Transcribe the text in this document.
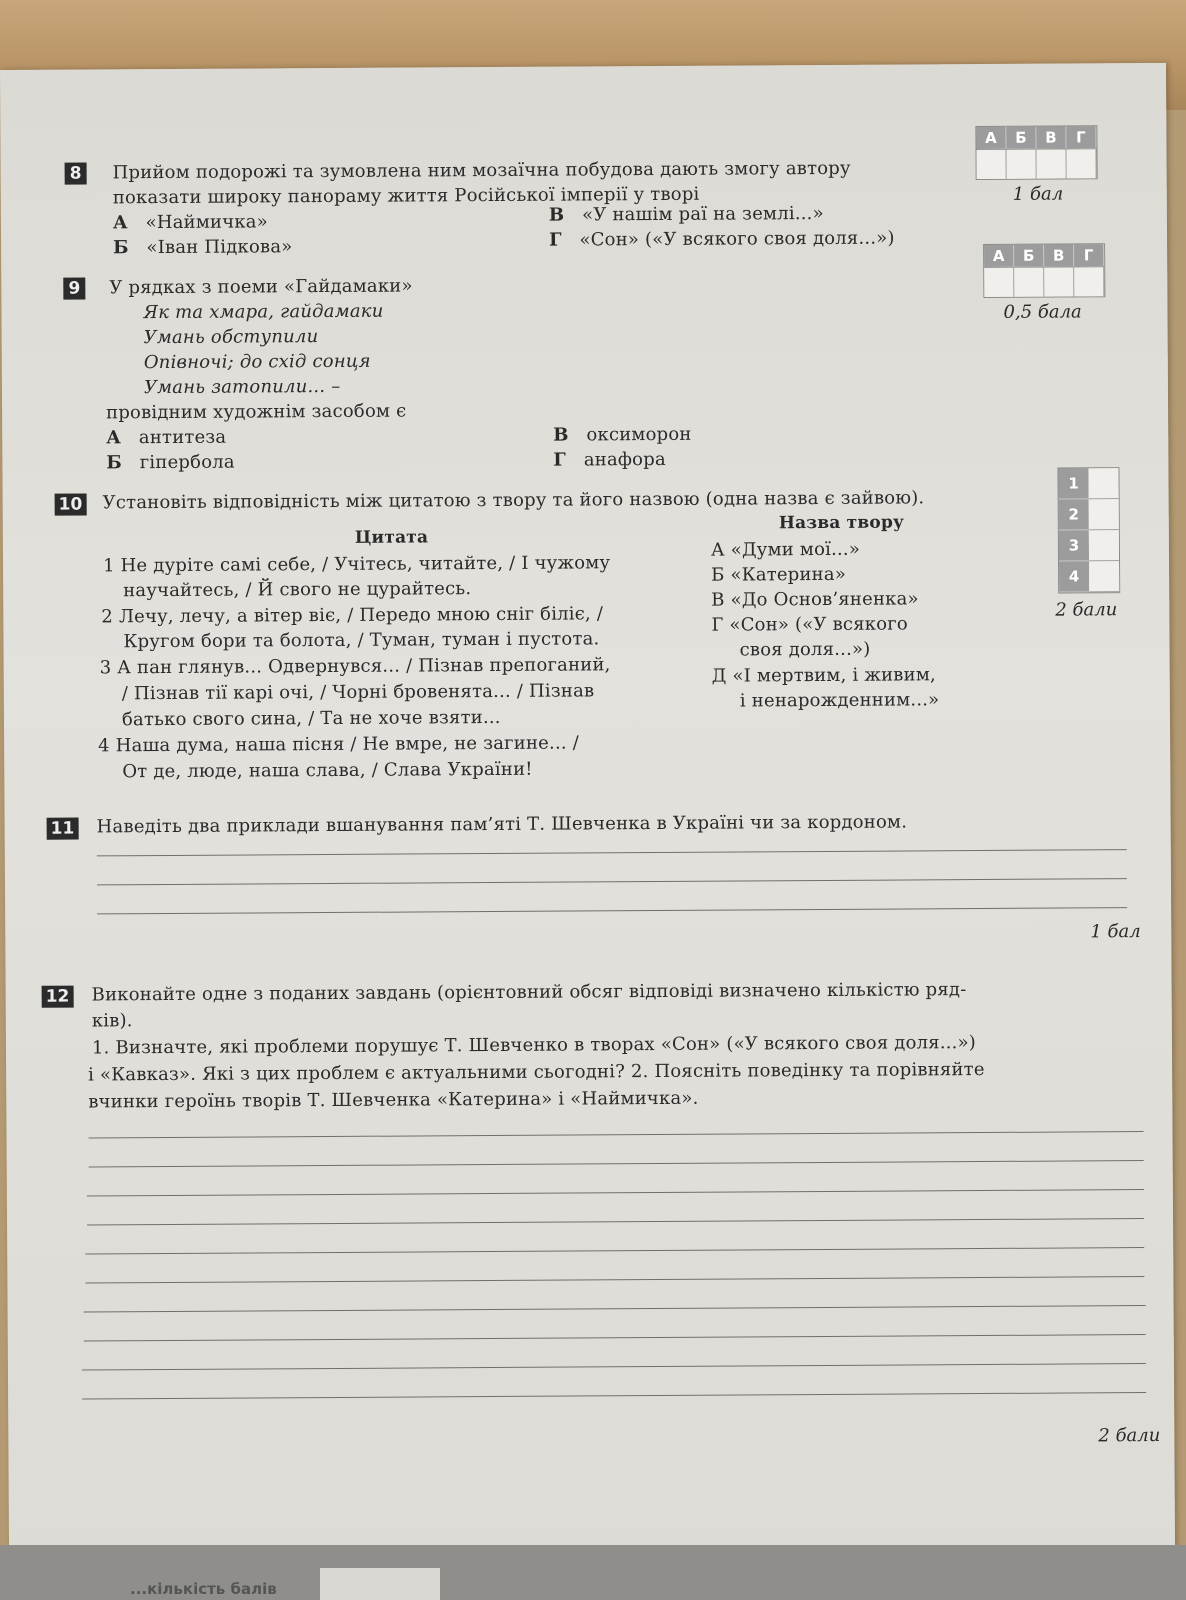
8 Прийом подорожі та зумовлена ним мозаїчна побудова дають змогу автору
показати широку панораму життя Російської імперії у творі
А «Наймичка»
Б «Іван Підкова»
В «У нашім раї на землі...»
Г «Сон» («У всякого своя доля...»)
А	Б	В	Г
1 бал
9 У рядках з поеми «Гайдамаки»
Як та хмара, гайдамаки
Умань обступили
Опівночі; до схід сонця
Умань затопили... –
провідним художнім засобом є
А антитеза
Б гіпербола
В оксиморон
Г анафора
А	Б	В	Г
0,5 бала
10 Установіть відповідність між цитатою з твору та його назвою (одна назва є зайвою).
Цитата
Назва твору
1 Не дуріте самі себе, / Учітесь, читайте, / І чужому
научайтесь, / Й свого не цурайтесь.
2 Лечу, лечу, а вітер віє, / Передо мною сніг біліє, /
Кругом бори та болота, / Туман, туман і пустота.
3 А пан глянув... Одвернувся... / Пізнав препоганий,
/ Пізнав тії карі очі, / Чорні бровенята... / Пізнав
батько свого сина, / Та не хоче взяти...
4 Наша дума, наша пісня / Не вмре, не загине... /
От де, люде, наша слава, / Слава України!
А «Думи мої...»
Б «Катерина»
В «До Основ’яненка»
Г «Сон» («У всякого
своя доля...»)
Д «І мертвим, і живим,
і ненарожденним...»
1
2
3
4
2 бали
11 Наведіть два приклади вшанування пам’яті Т. Шевченка в Україні чи за кордоном.
1 бал
12 Виконайте одне з поданих завдань (орієнтовний обсяг відповіді визначено кількістю ряд-
ків).
1. Визначте, які проблеми порушує Т. Шевченко в творах «Сон» («У всякого своя доля...»)
і «Кавказ». Які з цих проблем є актуальними сьогодні? 2. Поясніть поведінку та порівняйте
вчинки героїнь творів Т. Шевченка «Катерина» і «Наймичка».
2 бали
...кількість балів
